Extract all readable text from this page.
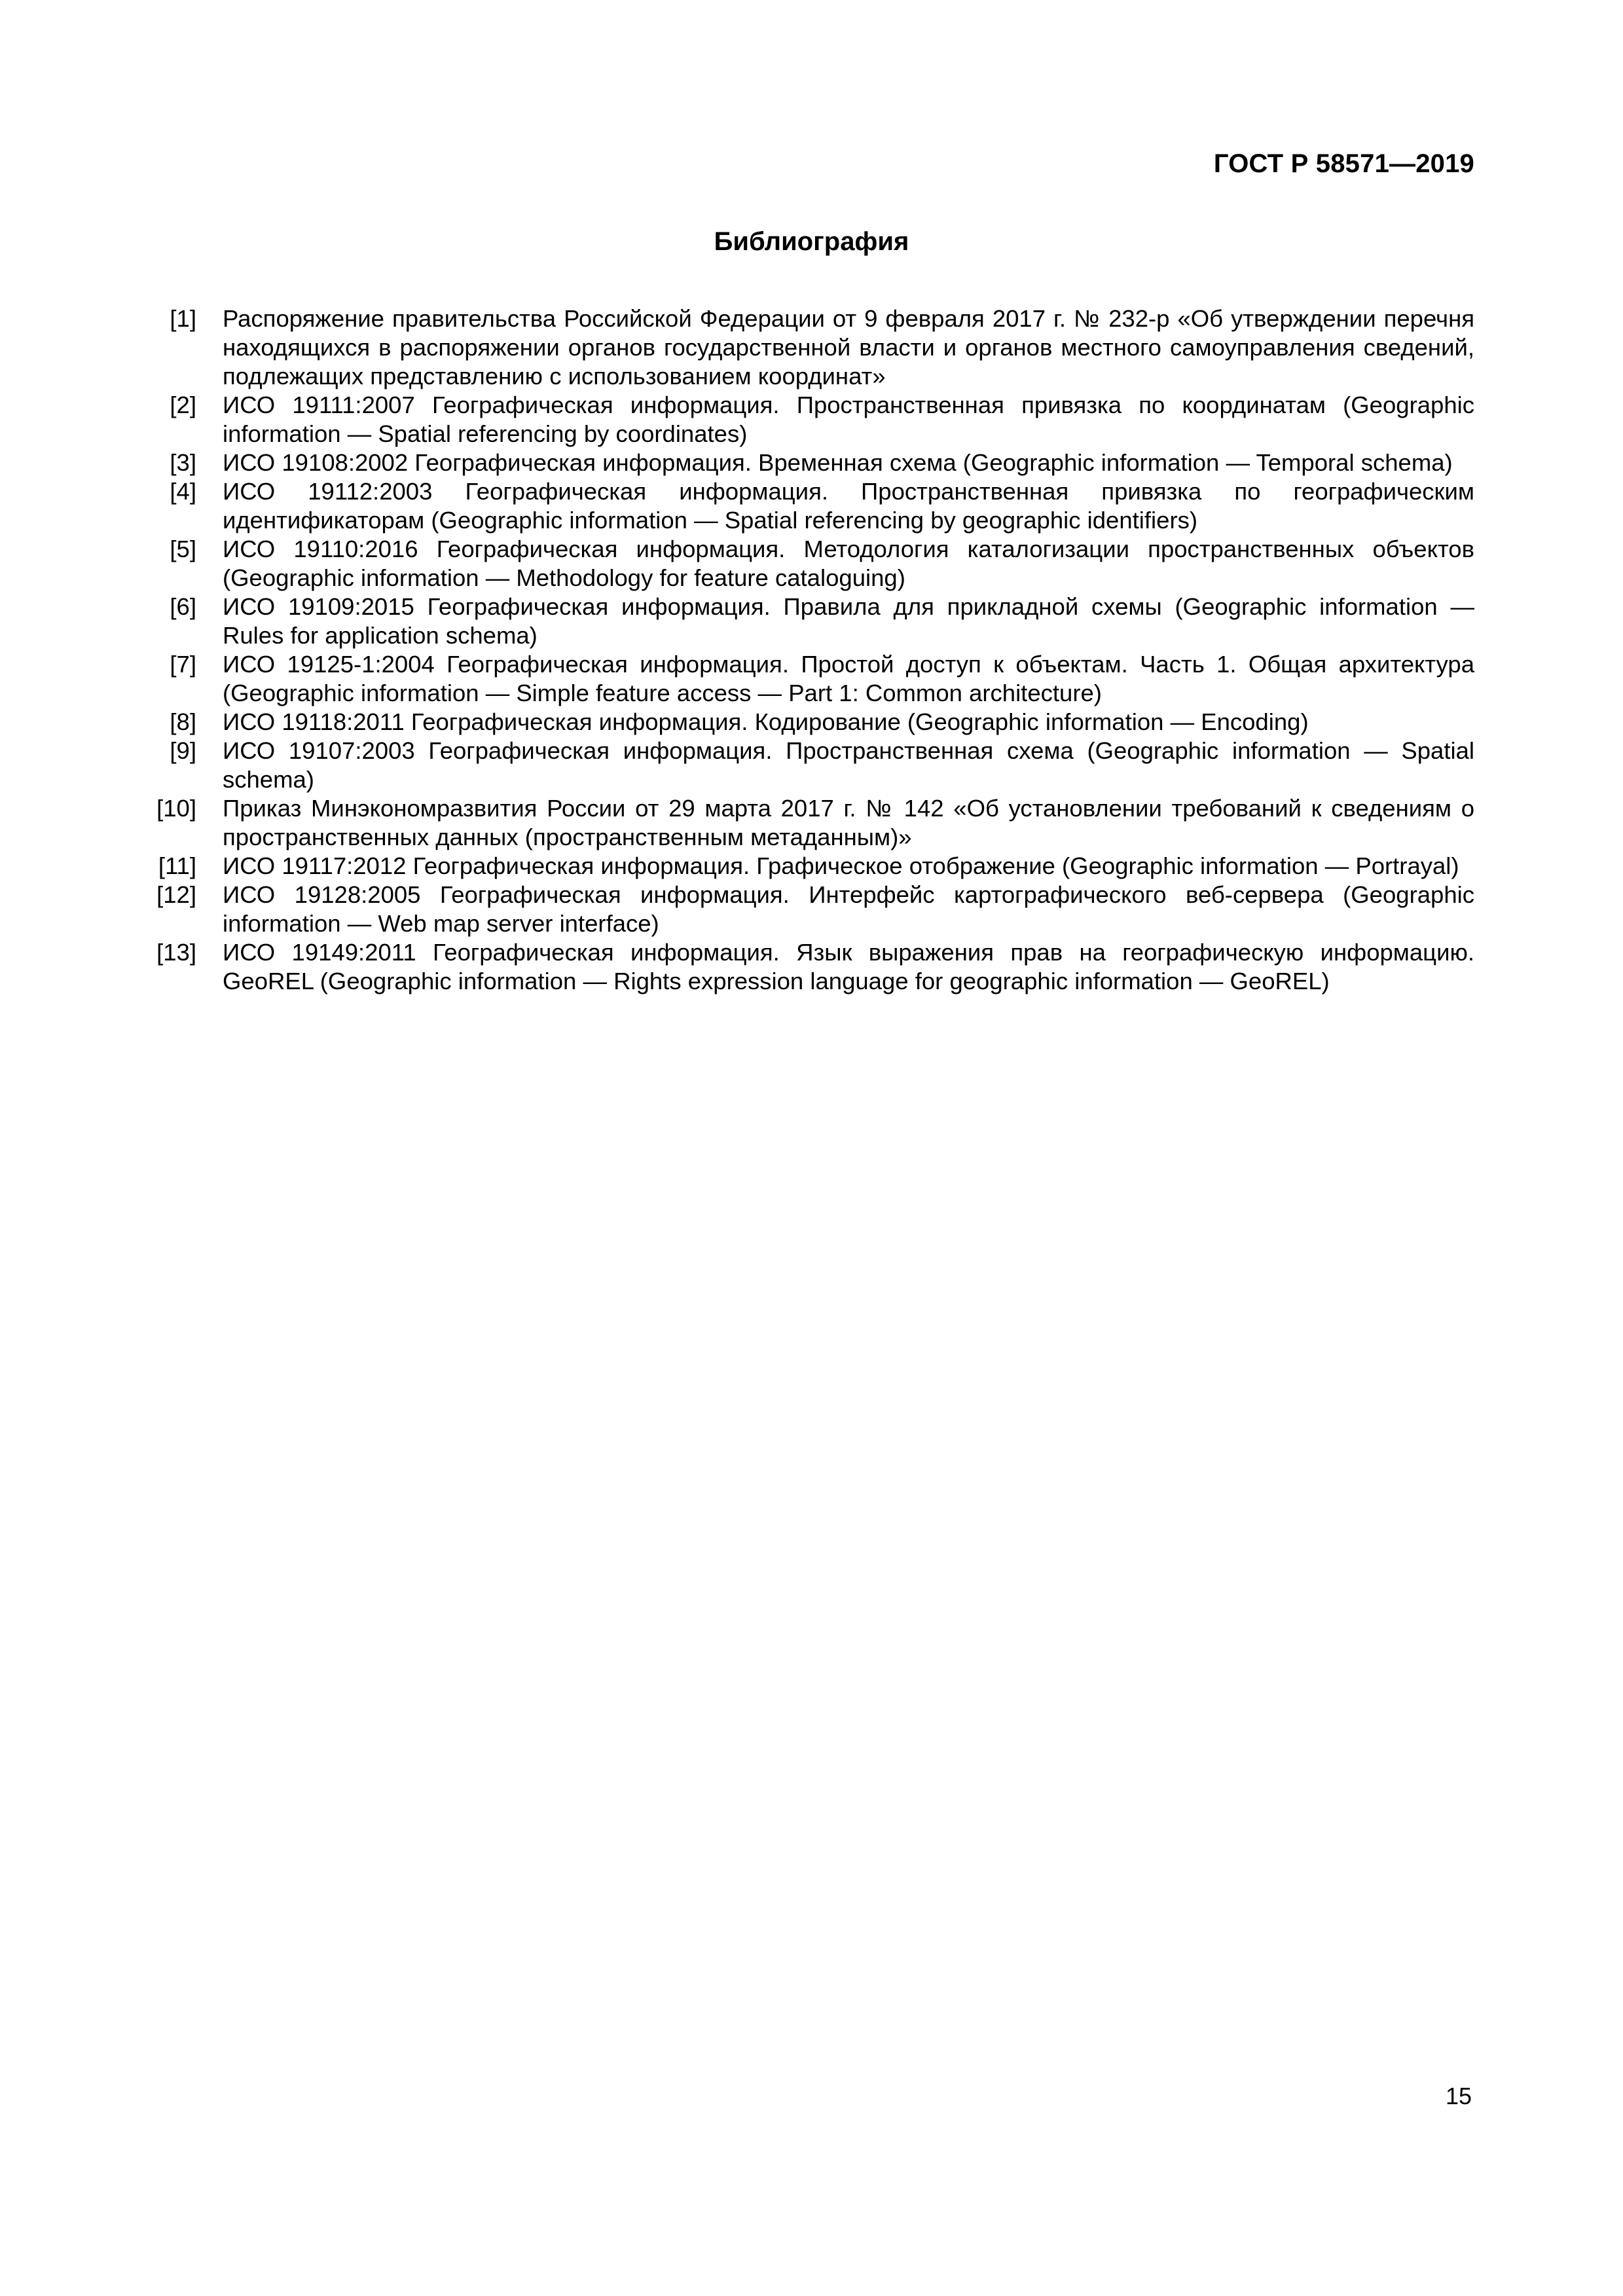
ГОСТ Р 58571—2019
Библиография
[1] Распоряжение правительства Российской Федерации от 9 февраля 2017 г. № 232-р «Об утверждении перечня находящихся в распоряжении органов государственной власти и органов местного самоуправления сведений, подлежащих представлению с использованием координат»
[2] ИСО 19111:2007 Географическая информация. Пространственная привязка по координатам (Geographic information — Spatial referencing by coordinates)
[3] ИСО 19108:2002 Географическая информация. Временная схема (Geographic information — Temporal schema)
[4] ИСО 19112:2003 Географическая информация. Пространственная привязка по географическим идентификаторам (Geographic information — Spatial referencing by geographic identifiers)
[5] ИСО 19110:2016 Географическая информация. Методология каталогизации пространственных объектов (Geographic information — Methodology for feature cataloguing)
[6] ИСО 19109:2015 Географическая информация. Правила для прикладной схемы (Geographic information — Rules for application schema)
[7] ИСО 19125-1:2004 Географическая информация. Простой доступ к объектам. Часть 1. Общая архитектура (Geographic information — Simple feature access — Part 1: Common architecture)
[8] ИСО 19118:2011 Географическая информация. Кодирование (Geographic information — Encoding)
[9] ИСО 19107:2003 Географическая информация. Пространственная схема (Geographic information — Spatial schema)
[10] Приказ Минэкономразвития России от 29 марта 2017 г. № 142 «Об установлении требований к сведениям о пространственных данных (пространственным метаданным)»
[11] ИСО 19117:2012 Географическая информация. Графическое отображение (Geographic information — Portrayal)
[12] ИСО 19128:2005 Географическая информация. Интерфейс картографического веб-сервера (Geographic information — Web map server interface)
[13] ИСО 19149:2011 Географическая информация. Язык выражения прав на географическую информацию. GeoREL (Geographic information — Rights expression language for geographic information — GeoREL)
15
